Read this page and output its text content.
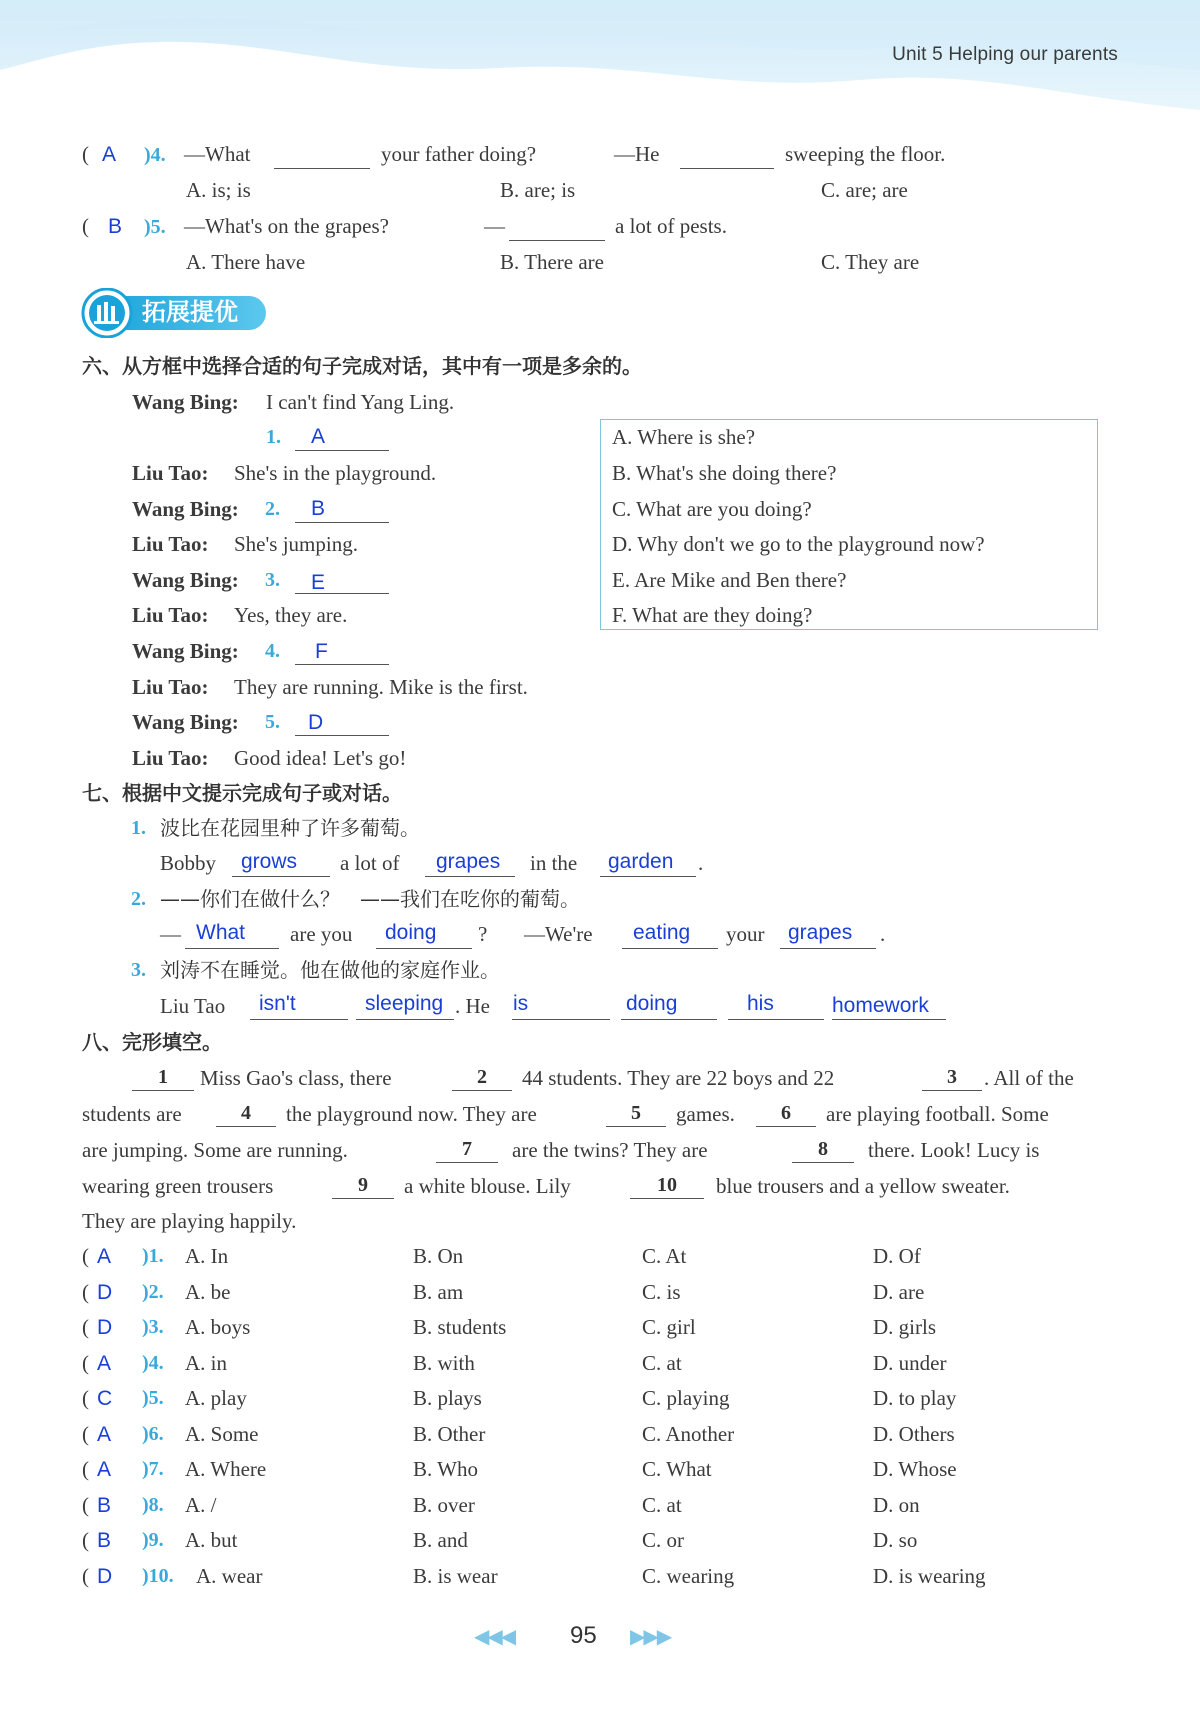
Unit 5 Helping our parents
( A )4. —What	your father doing?	—He	sweeping the floor.
A. is; is	B. are; is	C. are; are
( B )5. —What's on the grapes?	—	a lot of pests.
A. There have	B. There are	C. They are
拓展提优
六、从方框中选择合适的句子完成对话，其中有一项是多余的。
Wang Bing: I can't find Yang Ling.
1. A
Liu Tao: She's in the playground.
Wang Bing: 2. B
Liu Tao: She's jumping.
Wang Bing: 3. E
Liu Tao: Yes, they are.
Wang Bing: 4. F
Liu Tao: They are running. Mike is the first.
Wang Bing: 5. D
Liu Tao: Good idea! Let's go!
A. Where is she?
B. What's she doing there?
C. What are you doing?
D. Why don't we go to the playground now?
E. Are Mike and Ben there?
F. What are they doing?
七、根据中文提示完成句子或对话。
1. 波比在花园里种了许多葡萄。
Bobby grows a lot of grapes in the garden .
2. ——你们在做什么？　——我们在吃你的葡萄。
— What are you doing ? —We're eating your grapes .
3. 刘涛不在睡觉。他在做他的家庭作业。
Liu Tao isn't	sleeping . He is	doing	his	homework
八、完形填空。
1	Miss Gao's class, there	2	44 students. They are 22 boys and 22	3	. All of the
students are	4	the playground now. They are	5	games.	6	are playing football. Some
are jumping. Some are running.	7	are the twins? They are	8	there. Look! Lucy is
wearing green trousers	9	a white blouse. Lily	10	blue trousers and a yellow sweater.
They are playing happily.
( A )1. A. In	B. On	C. At	D. Of
( D )2. A. be	B. am	C. is	D. are
( D )3. A. boys	B. students	C. girl	D. girls
( A )4. A. in	B. with	C. at	D. under
( C )5. A. play	B. plays	C. playing	D. to play
( A )6. A. Some	B. Other	C. Another	D. Others
( A )7. A. Where	B. Who	C. What	D. Whose
( B )8. A. /	B. over	C. at	D. on
( B )9. A. but	B. and	C. or	D. so
( D )10. A. wear	B. is wear	C. wearing	D. is wearing
◀◀◀ 95 ▶▶▶
